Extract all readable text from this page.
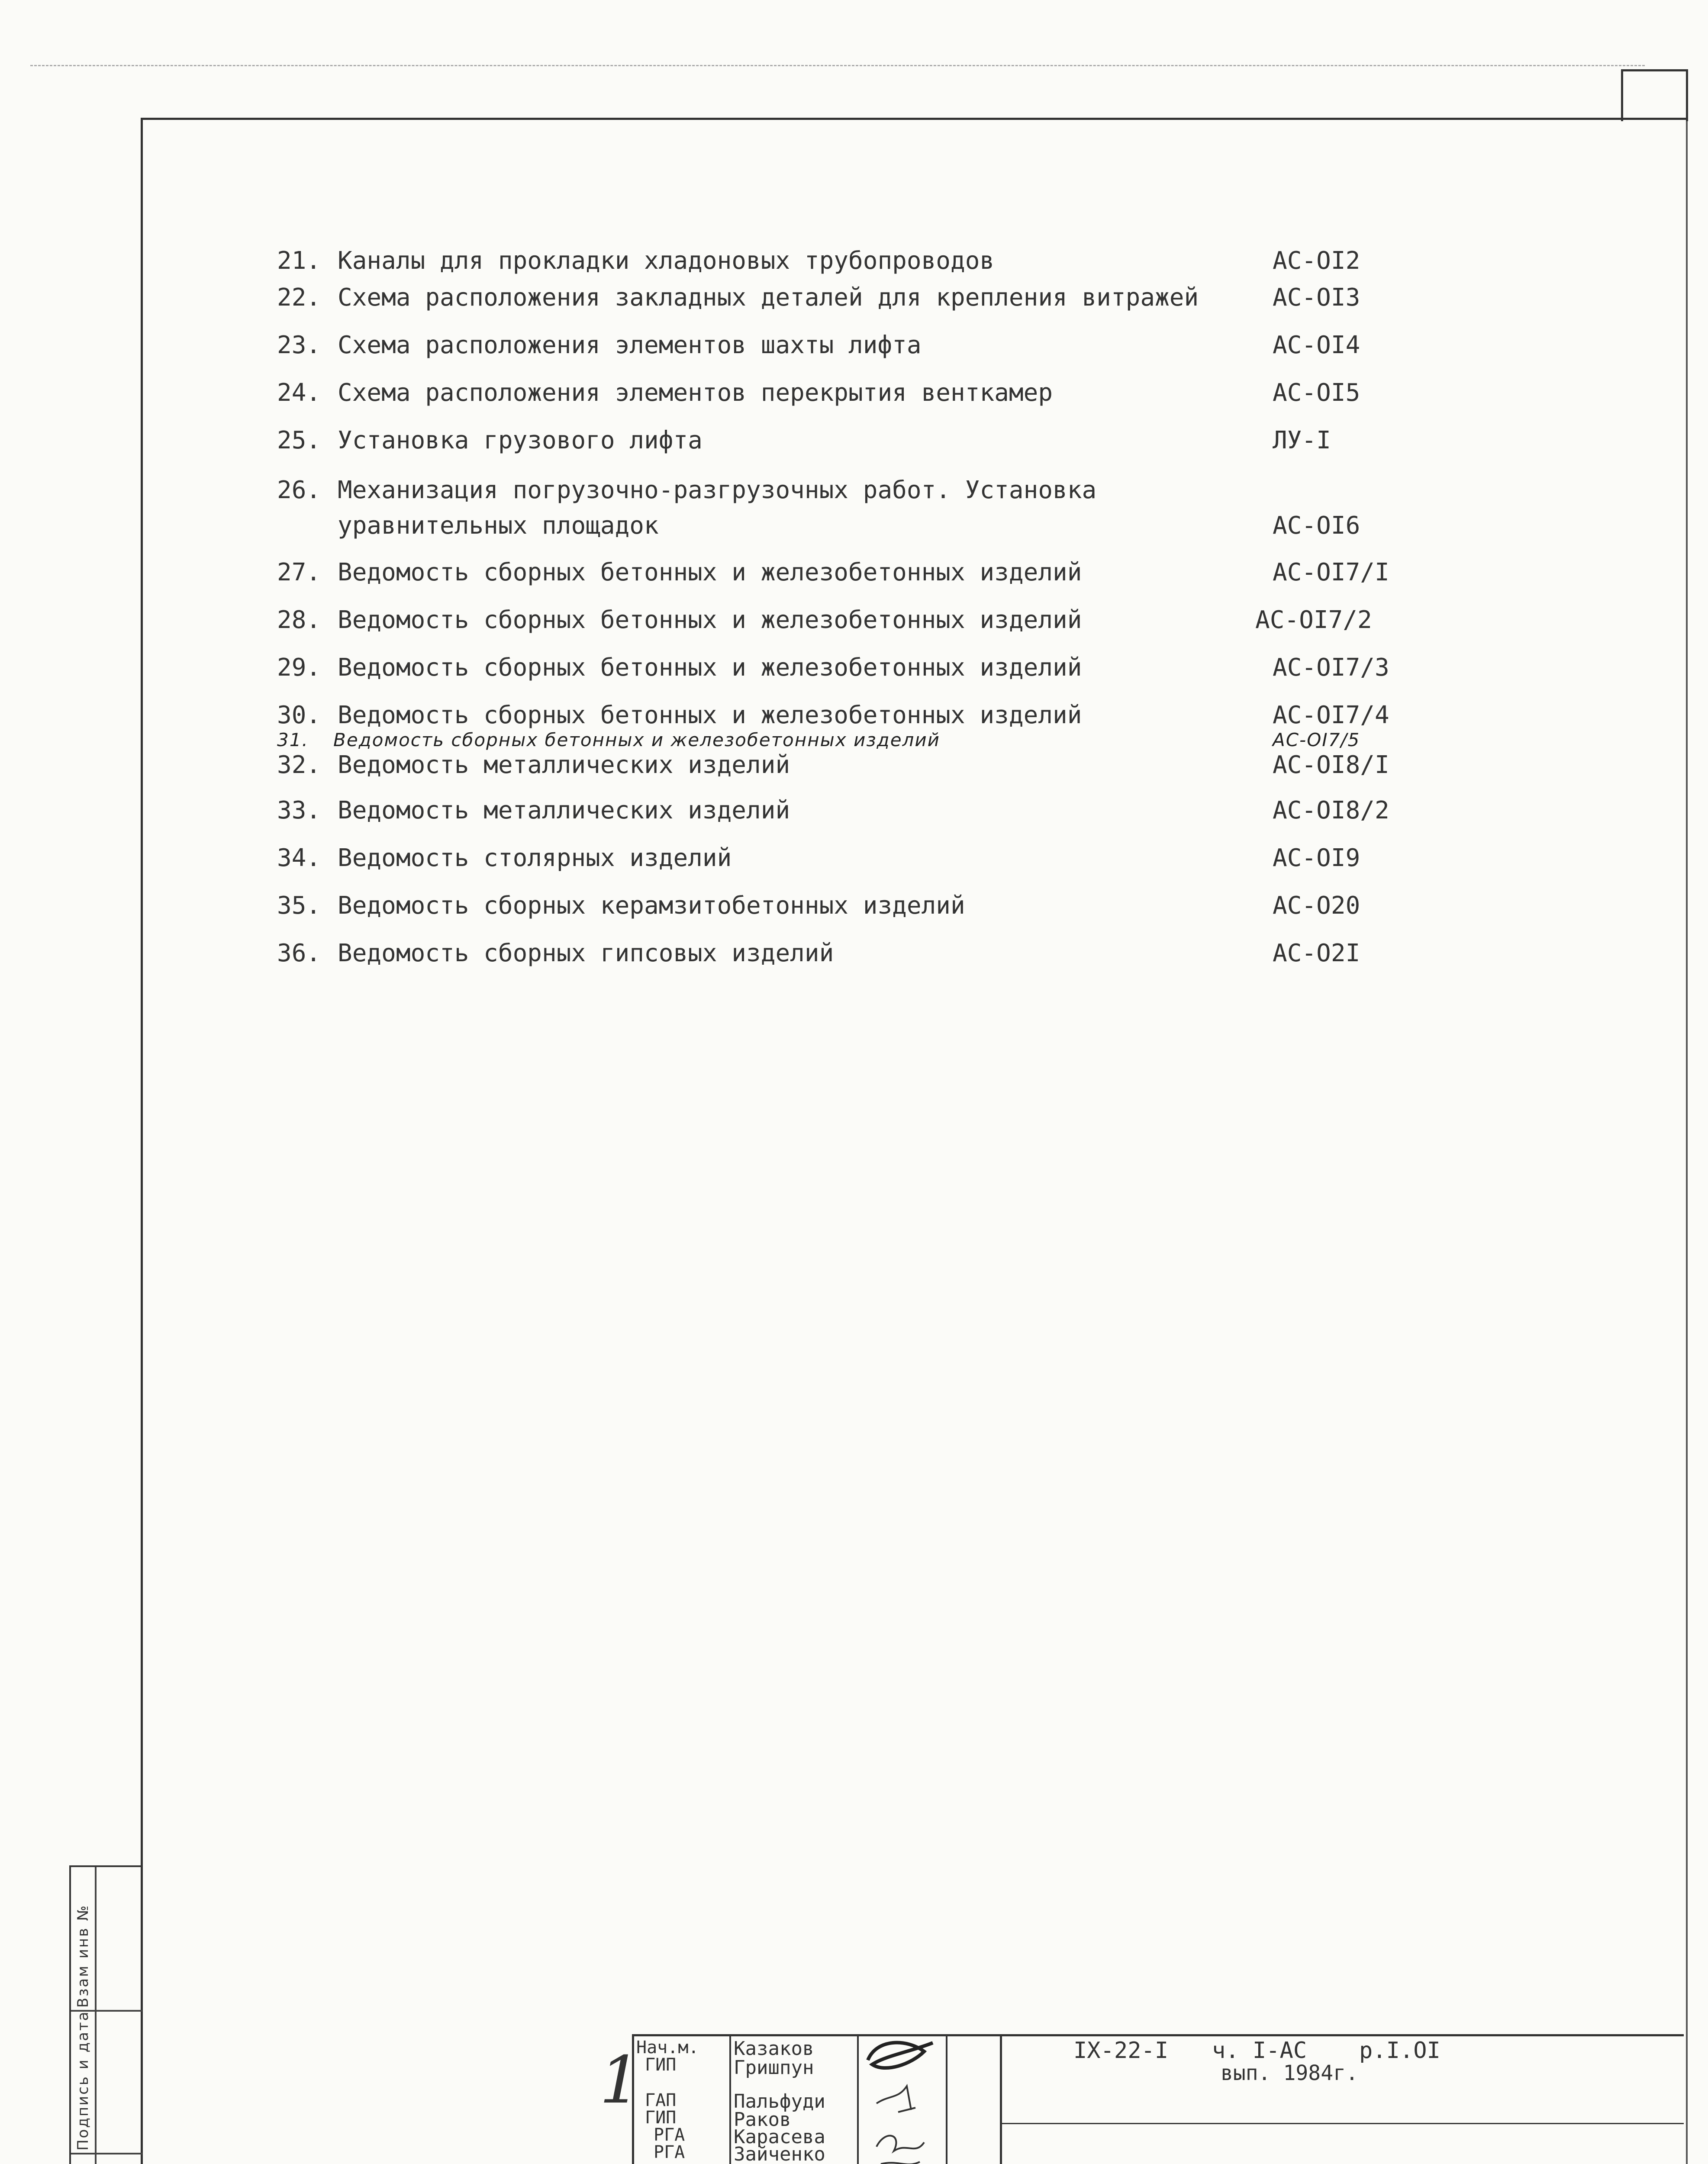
21. Каналы для прокладки хладоновых трубопроводов	АС-ОІ2
22. Схема расположения закладных деталей для крепления витражей	АС-ОІ3
23. Схема расположения элементов шахты лифта	АС-ОІ4
24. Схема расположения элементов перекрытия венткамер	АС-ОІ5
25. Установка грузового лифта	ЛУ-І
26. Механизация погрузочно-разгрузочных работ. Установка
уравнительных площадок	АС-ОІ6
27. Ведомость сборных бетонных и железобетонных изделий	АС-ОІ7/І
28. Ведомость сборных бетонных и железобетонных изделий	АС-ОІ7/2
29. Ведомость сборных бетонных и железобетонных изделий	АС-ОІ7/3
30. Ведомость сборных бетонных и железобетонных изделий	АС-ОІ7/4
31.	Ведомость сборных бетонных и железобетонных изделий	АС-ОІ7/5
32. Ведомость металлических изделий	АС-ОІ8/І
33. Ведомость металлических изделий	АС-ОІ8/2
34. Ведомость столярных изделий	АС-ОІ9
35. Ведомость сборных керамзитобетонных изделий	АС-О20
36. Ведомость сборных гипсовых изделий	АС-О2І
Подпись и дата
Взам инв №
Нач.м.
ГИП
ГАП
ГИП
РГА
РГА
Казаков
Гришпун
Пальфуди
Раков
Карасева
Зайченко
IX-22-I ч. І-АС р.І.ОІ
вып. 1984г.
1
